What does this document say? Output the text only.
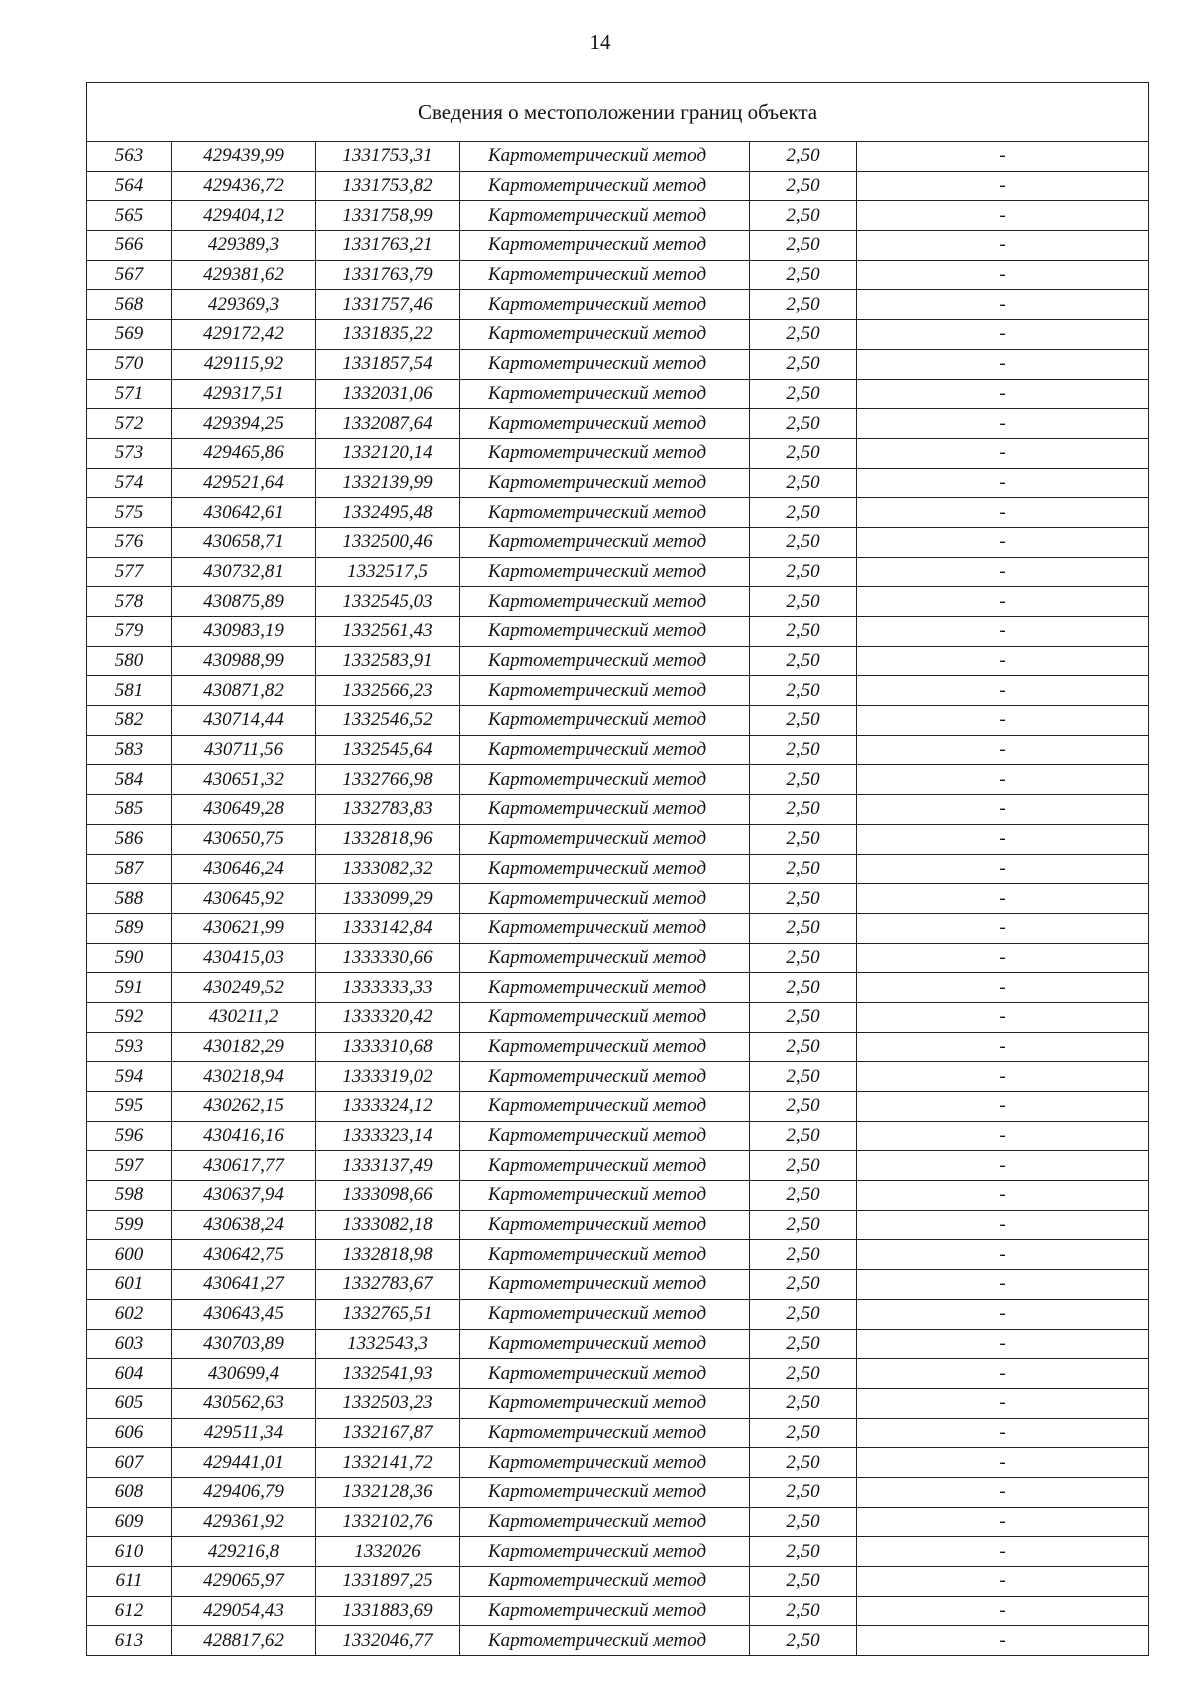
14
Сведения о местоположении границ объекта					
563	429439,99	1331753,31	Картометрический метод	2,50	-
564	429436,72	1331753,82	Картометрический метод	2,50	-
565	429404,12	1331758,99	Картометрический метод	2,50	-
566	429389,3	1331763,21	Картометрический метод	2,50	-
567	429381,62	1331763,79	Картометрический метод	2,50	-
568	429369,3	1331757,46	Картометрический метод	2,50	-
569	429172,42	1331835,22	Картометрический метод	2,50	-
570	429115,92	1331857,54	Картометрический метод	2,50	-
571	429317,51	1332031,06	Картометрический метод	2,50	-
572	429394,25	1332087,64	Картометрический метод	2,50	-
573	429465,86	1332120,14	Картометрический метод	2,50	-
574	429521,64	1332139,99	Картометрический метод	2,50	-
575	430642,61	1332495,48	Картометрический метод	2,50	-
576	430658,71	1332500,46	Картометрический метод	2,50	-
577	430732,81	1332517,5	Картометрический метод	2,50	-
578	430875,89	1332545,03	Картометрический метод	2,50	-
579	430983,19	1332561,43	Картометрический метод	2,50	-
580	430988,99	1332583,91	Картометрический метод	2,50	-
581	430871,82	1332566,23	Картометрический метод	2,50	-
582	430714,44	1332546,52	Картометрический метод	2,50	-
583	430711,56	1332545,64	Картометрический метод	2,50	-
584	430651,32	1332766,98	Картометрический метод	2,50	-
585	430649,28	1332783,83	Картометрический метод	2,50	-
586	430650,75	1332818,96	Картометрический метод	2,50	-
587	430646,24	1333082,32	Картометрический метод	2,50	-
588	430645,92	1333099,29	Картометрический метод	2,50	-
589	430621,99	1333142,84	Картометрический метод	2,50	-
590	430415,03	1333330,66	Картометрический метод	2,50	-
591	430249,52	1333333,33	Картометрический метод	2,50	-
592	430211,2	1333320,42	Картометрический метод	2,50	-
593	430182,29	1333310,68	Картометрический метод	2,50	-
594	430218,94	1333319,02	Картометрический метод	2,50	-
595	430262,15	1333324,12	Картометрический метод	2,50	-
596	430416,16	1333323,14	Картометрический метод	2,50	-
597	430617,77	1333137,49	Картометрический метод	2,50	-
598	430637,94	1333098,66	Картометрический метод	2,50	-
599	430638,24	1333082,18	Картометрический метод	2,50	-
600	430642,75	1332818,98	Картометрический метод	2,50	-
601	430641,27	1332783,67	Картометрический метод	2,50	-
602	430643,45	1332765,51	Картометрический метод	2,50	-
603	430703,89	1332543,3	Картометрический метод	2,50	-
604	430699,4	1332541,93	Картометрический метод	2,50	-
605	430562,63	1332503,23	Картометрический метод	2,50	-
606	429511,34	1332167,87	Картометрический метод	2,50	-
607	429441,01	1332141,72	Картометрический метод	2,50	-
608	429406,79	1332128,36	Картометрический метод	2,50	-
609	429361,92	1332102,76	Картометрический метод	2,50	-
610	429216,8	1332026	Картометрический метод	2,50	-
611	429065,97	1331897,25	Картометрический метод	2,50	-
612	429054,43	1331883,69	Картометрический метод	2,50	-
613	428817,62	1332046,77	Картометрический метод	2,50	-
